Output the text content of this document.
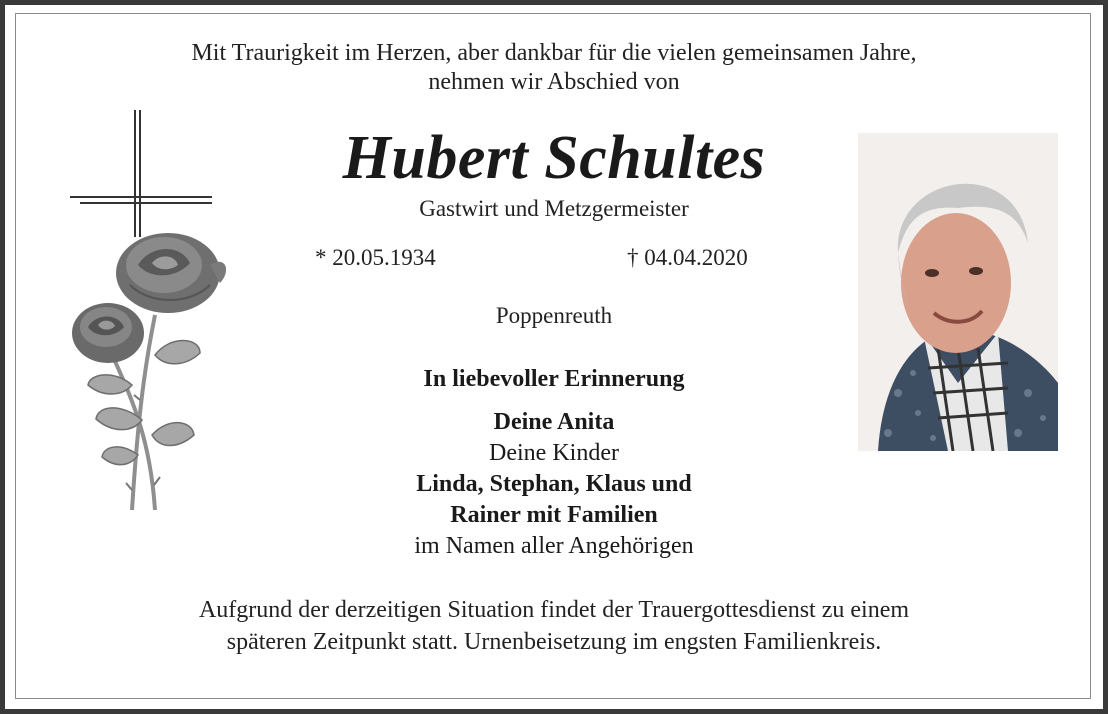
Mit Traurigkeit im Herzen, aber dankbar für die vielen gemeinsamen Jahre,
nehmen wir Abschied von
Hubert Schultes
Gastwirt und Metzgermeister
* 20.05.1934	† 04.04.2020
Poppenreuth
In liebevoller Erinnerung
Deine Anita
Deine Kinder
Linda, Stephan, Klaus und
Rainer mit Familien
im Namen aller Angehörigen
Aufgrund der derzeitigen Situation findet der Trauergottesdienst zu einem
späteren Zeitpunkt statt. Urnenbeisetzung im engsten Familienkreis.
